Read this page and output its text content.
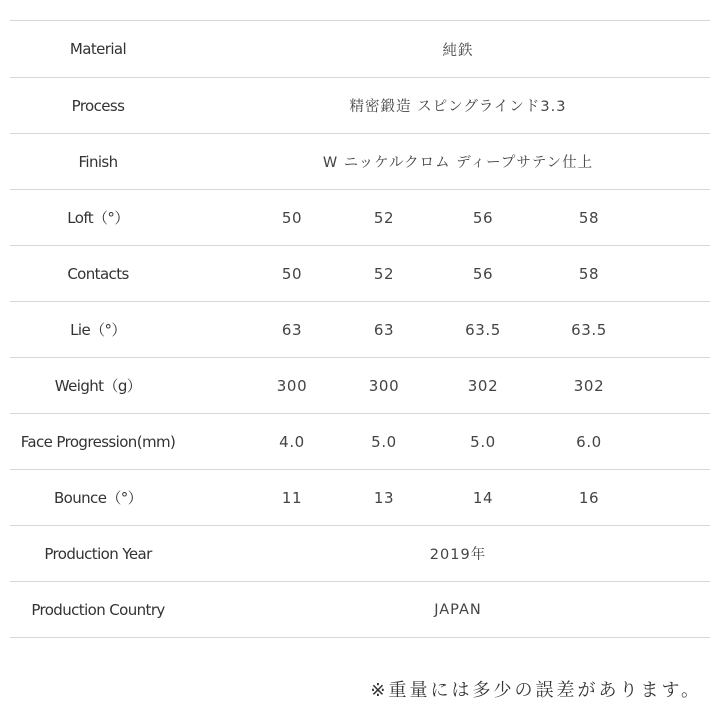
Material	純鉄
Process	精密鍛造 スピングラインド3.3
Finish	W ニッケルクロム ディープサテン仕上
Loft（°）	50	52	56	58
Contacts	50	52	56	58
Lie（°）	63	63	63.5	63.5
Weight（g）	300	300	302	302
Face Progression(mm)	4.0	5.0	5.0	6.0
Bounce（°）	11	13	14	16
Production Year	2019年
Production Country	JAPAN
※重量には多少の誤差があります。
